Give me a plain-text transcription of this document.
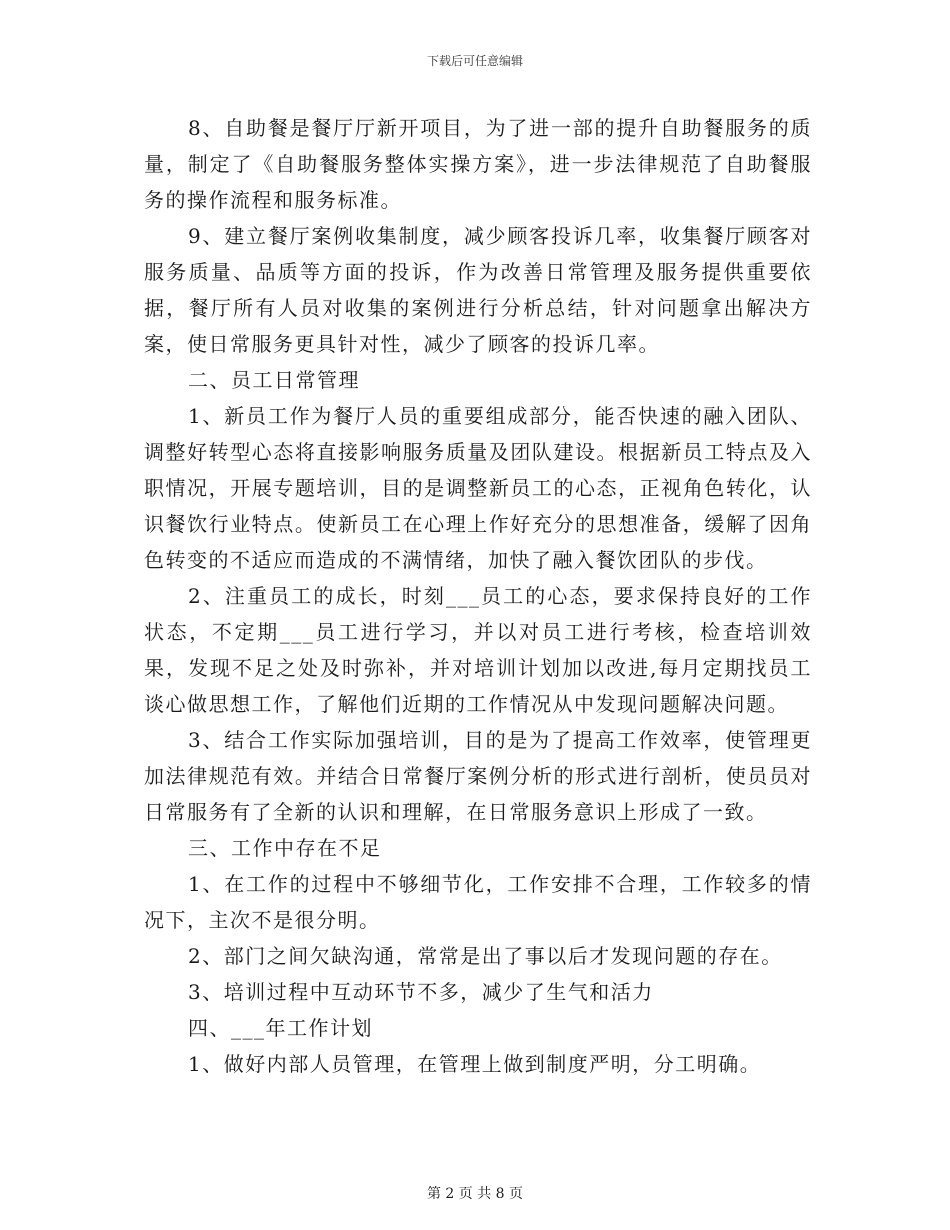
下载后可任意编辑

8、自助餐是餐厅厅新开项目，为了进一部的提升自助餐服务的质量，制定了《自助餐服务整体实操方案》，进一步法律规范了自助餐服务的操作流程和服务标准。

9、建立餐厅案例收集制度，减少顾客投诉几率，收集餐厅顾客对服务质量、品质等方面的投诉，作为改善日常管理及服务提供重要依据，餐厅所有人员对收集的案例进行分析总结，针对问题拿出解决方案，使日常服务更具针对性，减少了顾客的投诉几率。

二、员工日常管理

1、新员工作为餐厅人员的重要组成部分，能否快速的融入团队、调整好转型心态将直接影响服务质量及团队建设。根据新员工特点及入职情况，开展专题培训，目的是调整新员工的心态，正视角色转化，认识餐饮行业特点。使新员工在心理上作好充分的思想准备，缓解了因角色转变的不适应而造成的不满情绪，加快了融入餐饮团队的步伐。

2、注重员工的成长，时刻___员工的心态，要求保持良好的工作状态，不定期___员工进行学习，并以对员工进行考核，检查培训效果，发现不足之处及时弥补，并对培训计划加以改进,每月定期找员工谈心做思想工作，了解他们近期的工作情况从中发现问题解决问题。

3、结合工作实际加强培训，目的是为了提高工作效率，使管理更加法律规范有效。并结合日常餐厅案例分析的形式进行剖析，使员员对日常服务有了全新的认识和理解，在日常服务意识上形成了一致。

三、工作中存在不足

1、在工作的过程中不够细节化，工作安排不合理，工作较多的情况下，主次不是很分明。

2、部门之间欠缺沟通，常常是出了事以后才发现问题的存在。

3、培训过程中互动环节不多，减少了生气和活力

四、___年工作计划

1、做好内部人员管理，在管理上做到制度严明，分工明确。

第 2 页 共 8 页
